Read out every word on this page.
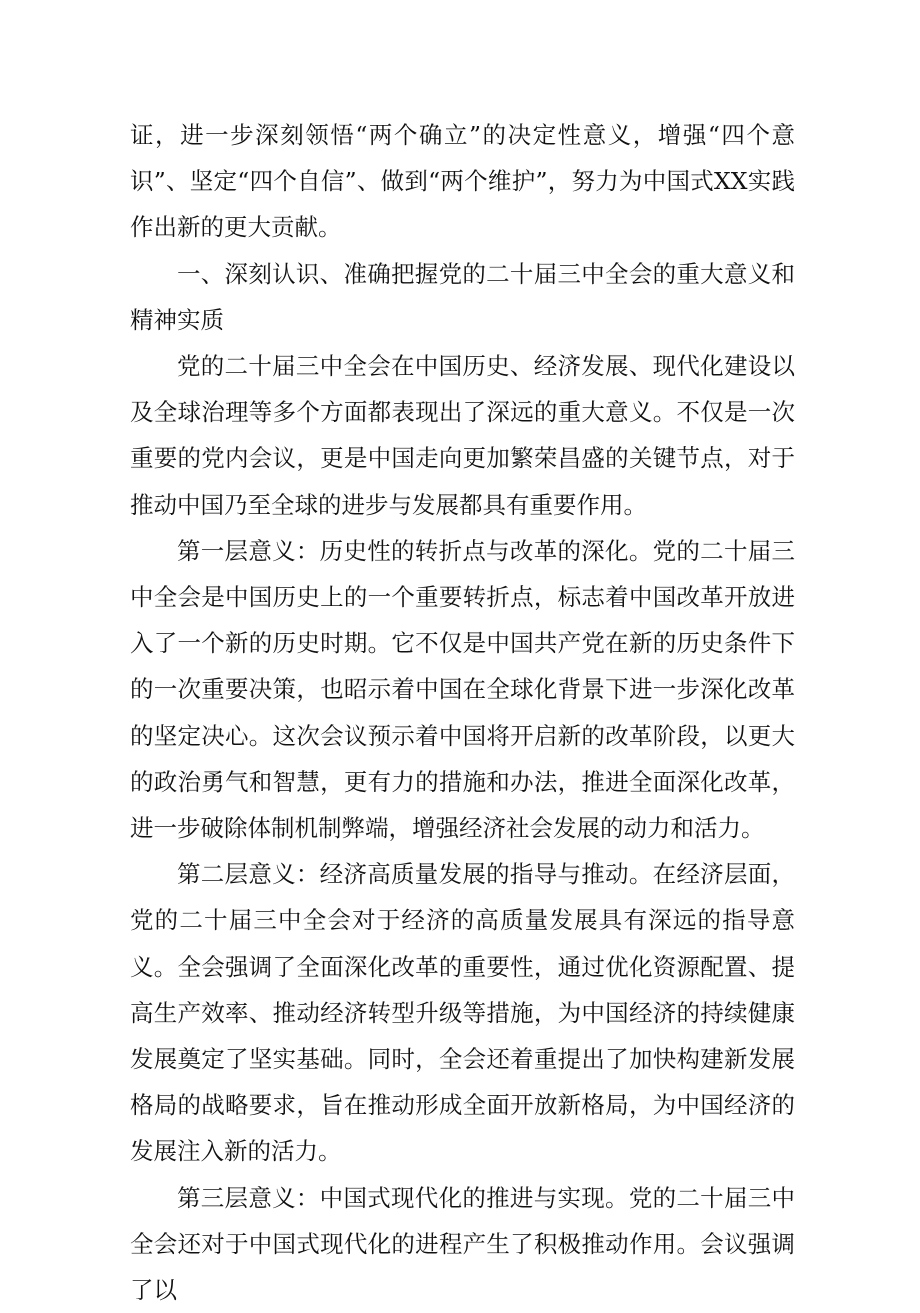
证，进一步深刻领悟“两个确立”的决定性意义，增强“四个意识”、坚定“四个自信”、做到“两个维护”，努力为中国式XX实践作出新的更大贡献。

一、深刻认识、准确把握党的二十届三中全会的重大意义和精神实质

党的二十届三中全会在中国历史、经济发展、现代化建设以及全球治理等多个方面都表现出了深远的重大意义。不仅是一次重要的党内会议，更是中国走向更加繁荣昌盛的关键节点，对于推动中国乃至全球的进步与发展都具有重要作用。

第一层意义：历史性的转折点与改革的深化。党的二十届三中全会是中国历史上的一个重要转折点，标志着中国改革开放进入了一个新的历史时期。它不仅是中国共产党在新的历史条件下的一次重要决策，也昭示着中国在全球化背景下进一步深化改革的坚定决心。这次会议预示着中国将开启新的改革阶段，以更大的政治勇气和智慧，更有力的措施和办法，推进全面深化改革，进一步破除体制机制弊端，增强经济社会发展的动力和活力。

第二层意义：经济高质量发展的指导与推动。在经济层面，党的二十届三中全会对于经济的高质量发展具有深远的指导意义。全会强调了全面深化改革的重要性，通过优化资源配置、提高生产效率、推动经济转型升级等措施，为中国经济的持续健康发展奠定了坚实基础。同时，全会还着重提出了加快构建新发展格局的战略要求，旨在推动形成全面开放新格局，为中国经济的发展注入新的活力。

第三层意义：中国式现代化的推进与实现。党的二十届三中全会还对于中国式现代化的进程产生了积极推动作用。会议强调了以
